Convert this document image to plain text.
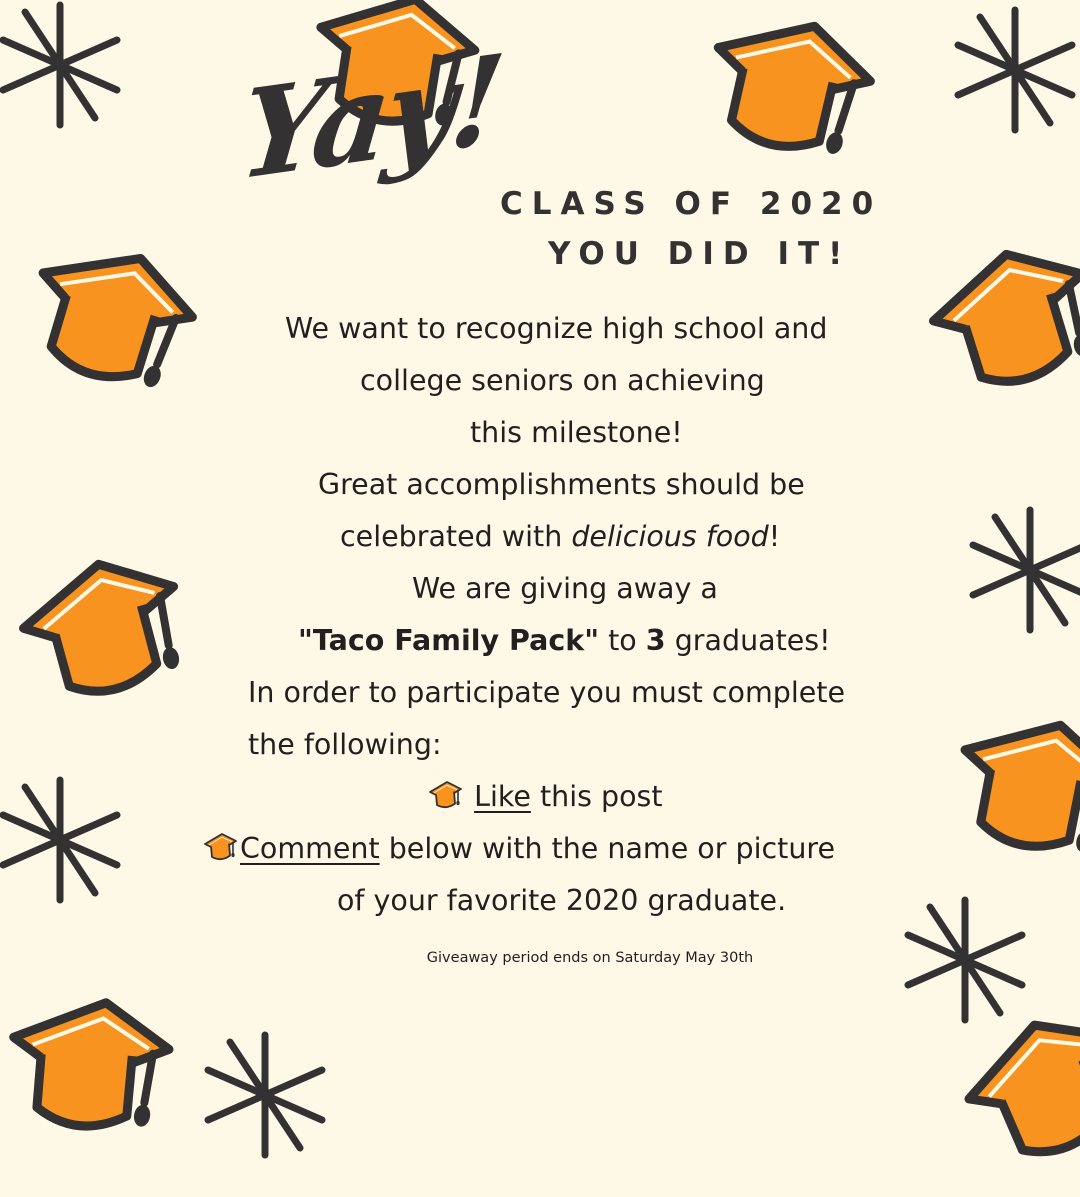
Yay!
CLASS OF 2020
YOU DID IT!
We want to recognize high school and
college seniors on achieving
this milestone!
Great accomplishments should be
celebrated with delicious food!
We are giving away a
"Taco Family Pack" to 3 graduates!
In order to participate you must complete
the following:
Like this post
Comment below with the name or picture
of your favorite 2020 graduate.
Giveaway period ends on Saturday May 30th
